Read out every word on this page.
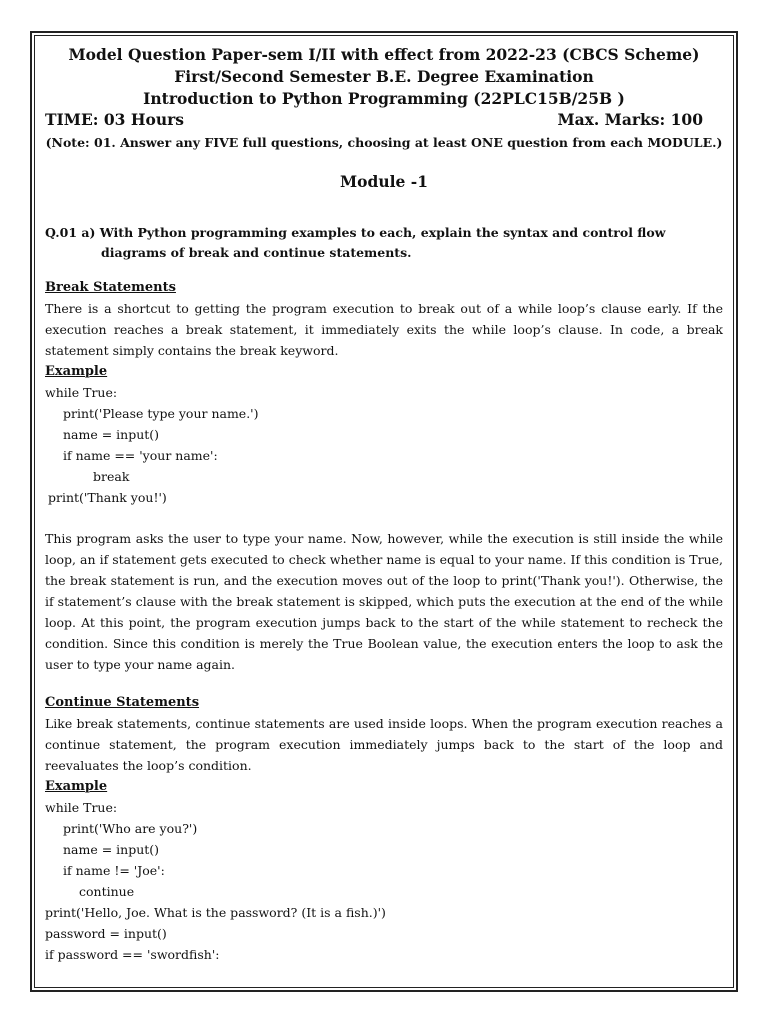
Model Question Paper-sem I/II with effect from 2022-23 (CBCS Scheme)
First/Second Semester B.E. Degree Examination
Introduction to Python Programming (22PLC15B/25B )
TIME: 03 Hours	Max. Marks: 100
(Note: 01. Answer any FIVE full questions, choosing at least ONE question from each MODULE.)
Module -1
Q.01 a) With Python programming examples to each, explain the syntax and control flow
diagrams of break and continue statements.
Break Statements

There is a shortcut to getting the program execution to break out of a while loop’s clause early. If the execution reaches a break statement, it immediately exits the while loop’s clause. In code, a break statement simply contains the break keyword.

Example
while True:
print('Please type your name.')
name = input()
if name == 'your name':
break
print('Thank you!')

This program asks the user to type your name. Now, however, while the execution is still inside the while loop, an if statement gets executed to check whether name is equal to your name. If this condition is True, the break statement is run, and the execution moves out of the loop to print('Thank you!'). Otherwise, the if statement’s clause with the break statement is skipped, which puts the execution at the end of the while loop. At this point, the program execution jumps back to the start of the while statement to recheck the condition. Since this condition is merely the True Boolean value, the execution enters the loop to ask the user to type your name again.

Continue Statements

Like break statements, continue statements are used inside loops. When the program execution reaches a continue statement, the program execution immediately jumps back to the start of the loop and reevaluates the loop’s condition.

Example
while True:
print('Who are you?')
name = input()
if name != 'Joe':
continue
print('Hello, Joe. What is the password? (It is a fish.)')
password = input()
if password == 'swordfish':
